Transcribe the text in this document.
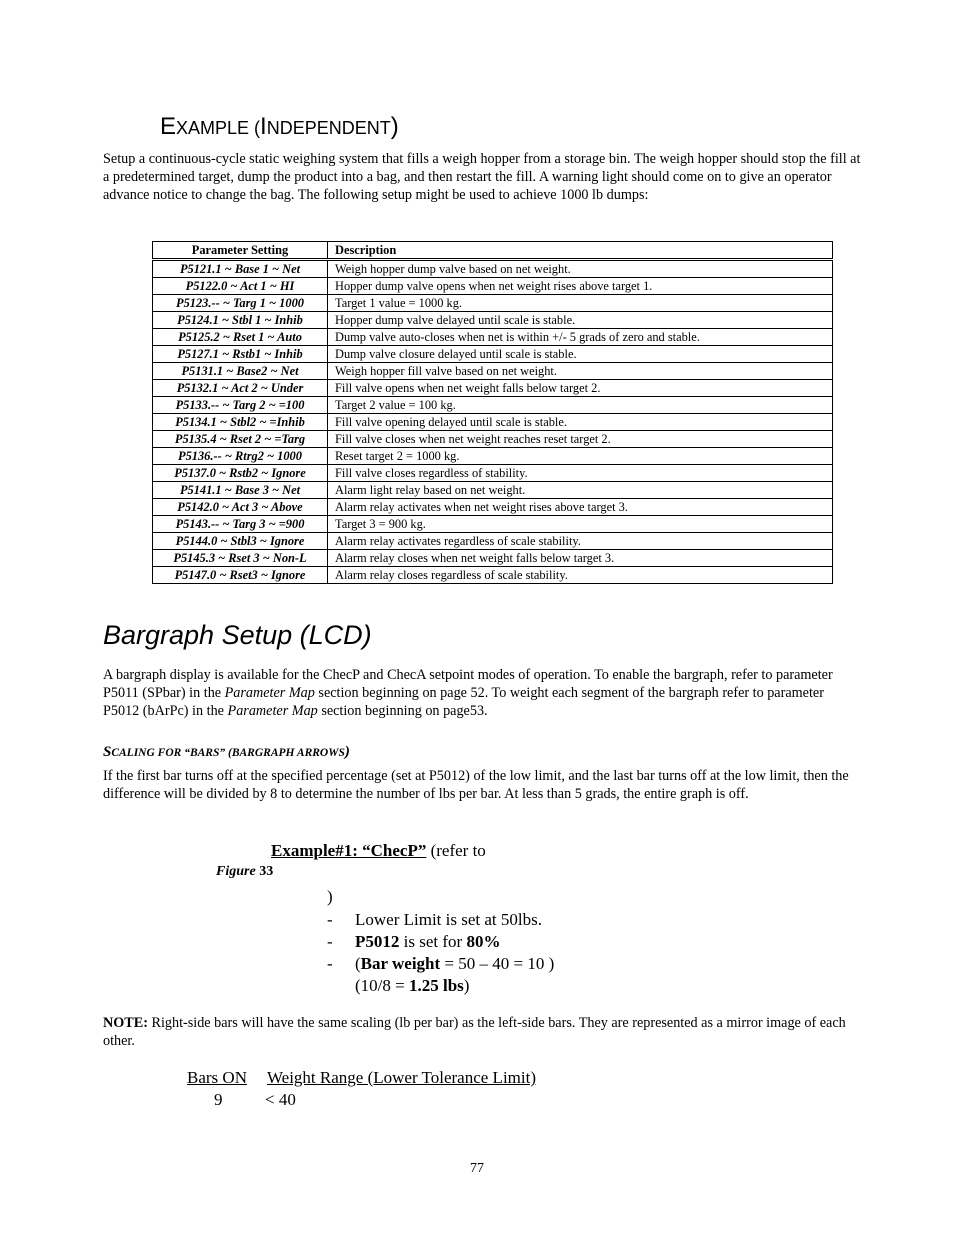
EXAMPLE (INDEPENDENT)
Setup a continuous-cycle static weighing system that fills a weigh hopper from a storage bin. The weigh hopper should stop the fill at a predetermined target, dump the product into a bag, and then restart the fill. A warning light should come on to give an operator advance notice to change the bag. The following setup might be used to achieve 1000 lb dumps:
Parameter Setting	Description
P5121.1 ~ Base 1 ~ Net	Weigh hopper dump valve based on net weight.
P5122.0 ~ Act 1 ~ HI	Hopper dump valve opens when net weight rises above target 1.
P5123.-- ~ Targ 1 ~ 1000	Target 1 value = 1000 kg.
P5124.1 ~ Stbl 1 ~ Inhib	Hopper dump valve delayed until scale is stable.
P5125.2 ~ Rset 1 ~ Auto	Dump valve auto-closes when net is within +/- 5 grads of zero and stable.
P5127.1 ~ Rstb1 ~ Inhib	Dump valve closure delayed until scale is stable.
P5131.1 ~ Base2 ~ Net	Weigh hopper fill valve based on net weight.
P5132.1 ~ Act 2 ~ Under	Fill valve opens when net weight falls below target 2.
P5133.-- ~ Targ 2 ~ =100	Target 2 value = 100 kg.
P5134.1 ~ Stbl2 ~ =Inhib	Fill valve opening delayed until scale is stable.
P5135.4 ~ Rset 2 ~ =Targ	Fill valve closes when net weight reaches reset target 2.
P5136.-- ~ Rtrg2 ~ 1000	Reset target 2 = 1000 kg.
P5137.0 ~ Rstb2 ~ Ignore	Fill valve closes regardless of stability.
P5141.1 ~ Base 3 ~ Net	Alarm light relay based on net weight.
P5142.0 ~ Act 3 ~ Above	Alarm relay activates when net weight rises above target 3.
P5143.-- ~ Targ 3 ~ =900	Target 3 = 900 kg.
P5144.0 ~ Stbl3 ~ Ignore	Alarm relay activates regardless of scale stability.
P5145.3 ~ Rset 3 ~ Non-L	Alarm relay closes when net weight falls below target 3.
P5147.0 ~ Rset3 ~ Ignore	Alarm relay closes regardless of scale stability.
Bargraph Setup (LCD)
A bargraph display is available for the ChecP and ChecA setpoint modes of operation. To enable the bargraph, refer to parameter P5011 (SPbar) in the Parameter Map section beginning on page 52. To weight each segment of the bargraph refer to parameter P5012 (bArPc) in the Parameter Map section beginning on page53.
SCALING FOR “BARS” (BARGRAPH ARROWS)
If the first bar turns off at the specified percentage (set at P5012) of the low limit, and the last bar turns off at the low limit, then the difference will be divided by 8 to determine the number of lbs per bar. At less than 5 grads, the entire graph is off.
Example#1: “ChecP” (refer to
Figure 33
)
- Lower Limit is set at 50lbs.
- P5012 is set for 80%
- (Bar weight = 50 – 40 = 10 )
(10/8 = 1.25 lbs)
NOTE: Right-side bars will have the same scaling (lb per bar) as the left-side bars. They are represented as a mirror image of each other.
Bars ON Weight Range (Lower Tolerance Limit)
9	< 40
77
